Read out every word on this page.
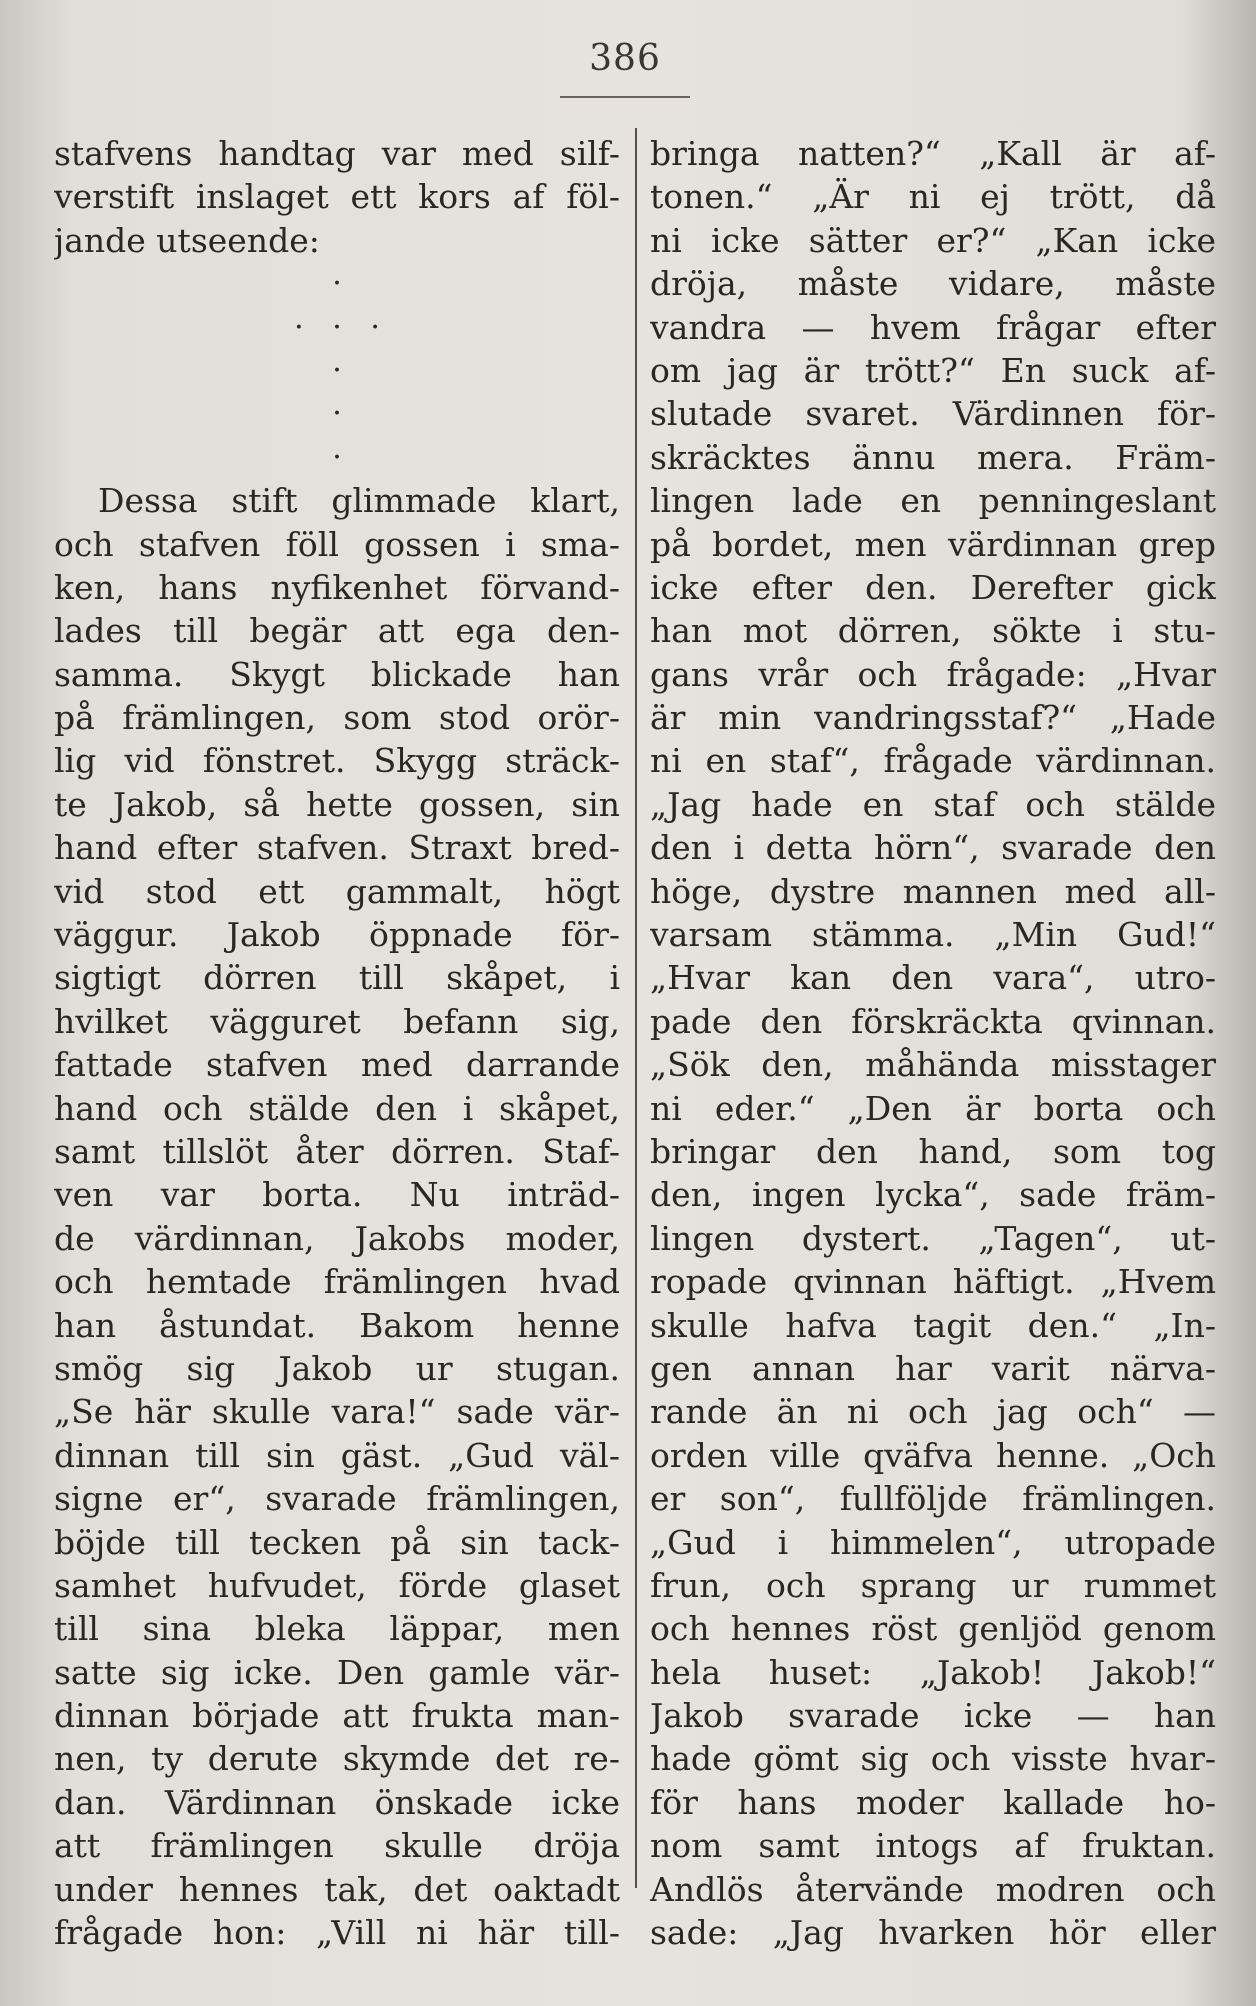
386
stafvens handtag var med silf-
verstift inslaget ett kors af föl-
jande utseende:
·
·   ·   ·
·
·
·
Dessa stift glimmade klart,
och stafven föll gossen i sma-
ken, hans nyfikenhet förvand-
lades till begär att ega den-
samma. Skygt blickade han
på främlingen, som stod orör-
lig vid fönstret. Skygg sträck-
te Jakob, så hette gossen, sin
hand efter stafven. Straxt bred-
vid stod ett gammalt, högt
väggur. Jakob öppnade för-
sigtigt dörren till skåpet, i
hvilket vägguret befann sig,
fattade stafven med darrande
hand och stälde den i skåpet,
samt tillslöt åter dörren. Staf-
ven var borta. Nu inträd-
de värdinnan, Jakobs moder,
och hemtade främlingen hvad
han åstundat. Bakom henne
smög sig Jakob ur stugan.
„Se här skulle vara!“ sade vär-
dinnan till sin gäst. „Gud väl-
signe er“, svarade främlingen,
böjde till tecken på sin tack-
samhet hufvudet, förde glaset
till sina bleka läppar, men
satte sig icke. Den gamle vär-
dinnan började att frukta man-
nen, ty derute skymde det re-
dan. Värdinnan önskade icke
att främlingen skulle dröja
under hennes tak, det oaktadt
frågade hon: „Vill ni här till-
bringa natten?“ „Kall är af-
tonen.“ „Är ni ej trött, då
ni icke sätter er?“ „Kan icke
dröja, måste vidare, måste
vandra — hvem frågar efter
om jag är trött?“ En suck af-
slutade svaret. Värdinnen för-
skräcktes ännu mera. Främ-
lingen lade en penningeslant
på bordet, men värdinnan grep
icke efter den. Derefter gick
han mot dörren, sökte i stu-
gans vrår och frågade: „Hvar
är min vandringsstaf?“ „Hade
ni en staf“, frågade värdinnan.
„Jag hade en staf och stälde
den i detta hörn“, svarade den
höge, dystre mannen med all-
varsam stämma. „Min Gud!“
„Hvar kan den vara“, utro-
pade den förskräckta qvinnan.
„Sök den, måhända misstager
ni eder.“ „Den är borta och
bringar den hand, som tog
den, ingen lycka“, sade främ-
lingen dystert. „Tagen“, ut-
ropade qvinnan häftigt. „Hvem
skulle hafva tagit den.“ „In-
gen annan har varit närva-
rande än ni och jag och“ —
orden ville qväfva henne. „Och
er son“, fullföljde främlingen.
„Gud i himmelen“, utropade
frun, och sprang ur rummet
och hennes röst genljöd genom
hela huset: „Jakob! Jakob!“
Jakob svarade icke — han
hade gömt sig och visste hvar-
för hans moder kallade ho-
nom samt intogs af fruktan.
Andlös återvände modren och
sade: „Jag hvarken hör eller
